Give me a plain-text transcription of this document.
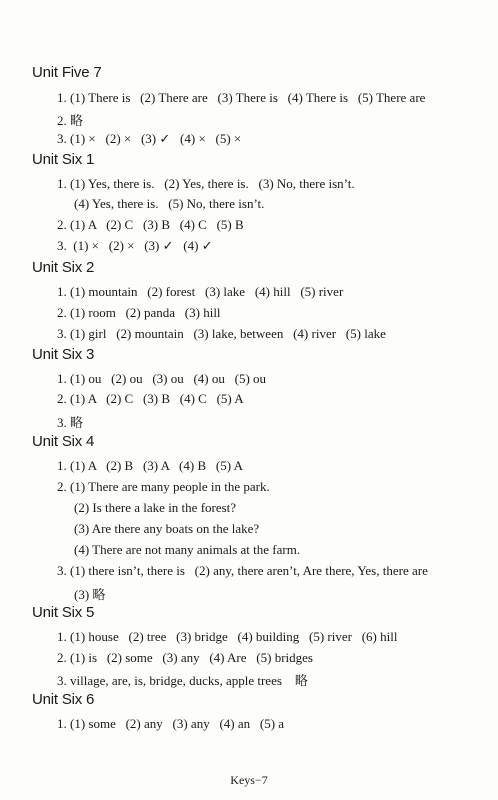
Unit Five 7
1. (1) There is   (2) There are   (3) There is   (4) There is   (5) There are
2. 略
3. (1) ×   (2) ×   (3) ✓   (4) ×   (5) ×
Unit Six 1
1. (1) Yes, there is.   (2) Yes, there is.   (3) No, there isn’t.
(4) Yes, there is.   (5) No, there isn’t.
2. (1) A   (2) C   (3) B   (4) C   (5) B
3.  (1) ×   (2) ×   (3) ✓   (4) ✓
Unit Six 2
1. (1) mountain   (2) forest   (3) lake   (4) hill   (5) river
2. (1) room   (2) panda   (3) hill
3. (1) girl   (2) mountain   (3) lake, between   (4) river   (5) lake
Unit Six 3
1. (1) ou   (2) ou   (3) ou   (4) ou   (5) ou
2. (1) A   (2) C   (3) B   (4) C   (5) A
3. 略
Unit Six 4
1. (1) A   (2) B   (3) A   (4) B   (5) A
2. (1) There are many people in the park.
(2) Is there a lake in the forest?
(3) Are there any boats on the lake?
(4) There are not many animals at the farm.
3. (1) there isn’t, there is   (2) any, there aren’t, Are there, Yes, there are
(3) 略
Unit Six 5
1. (1) house   (2) tree   (3) bridge   (4) building   (5) river   (6) hill
2. (1) is   (2) some   (3) any   (4) Are   (5) bridges
3. village, are, is, bridge, ducks, apple trees    略
Unit Six 6
1. (1) some   (2) any   (3) any   (4) an   (5) a
Keys−7
